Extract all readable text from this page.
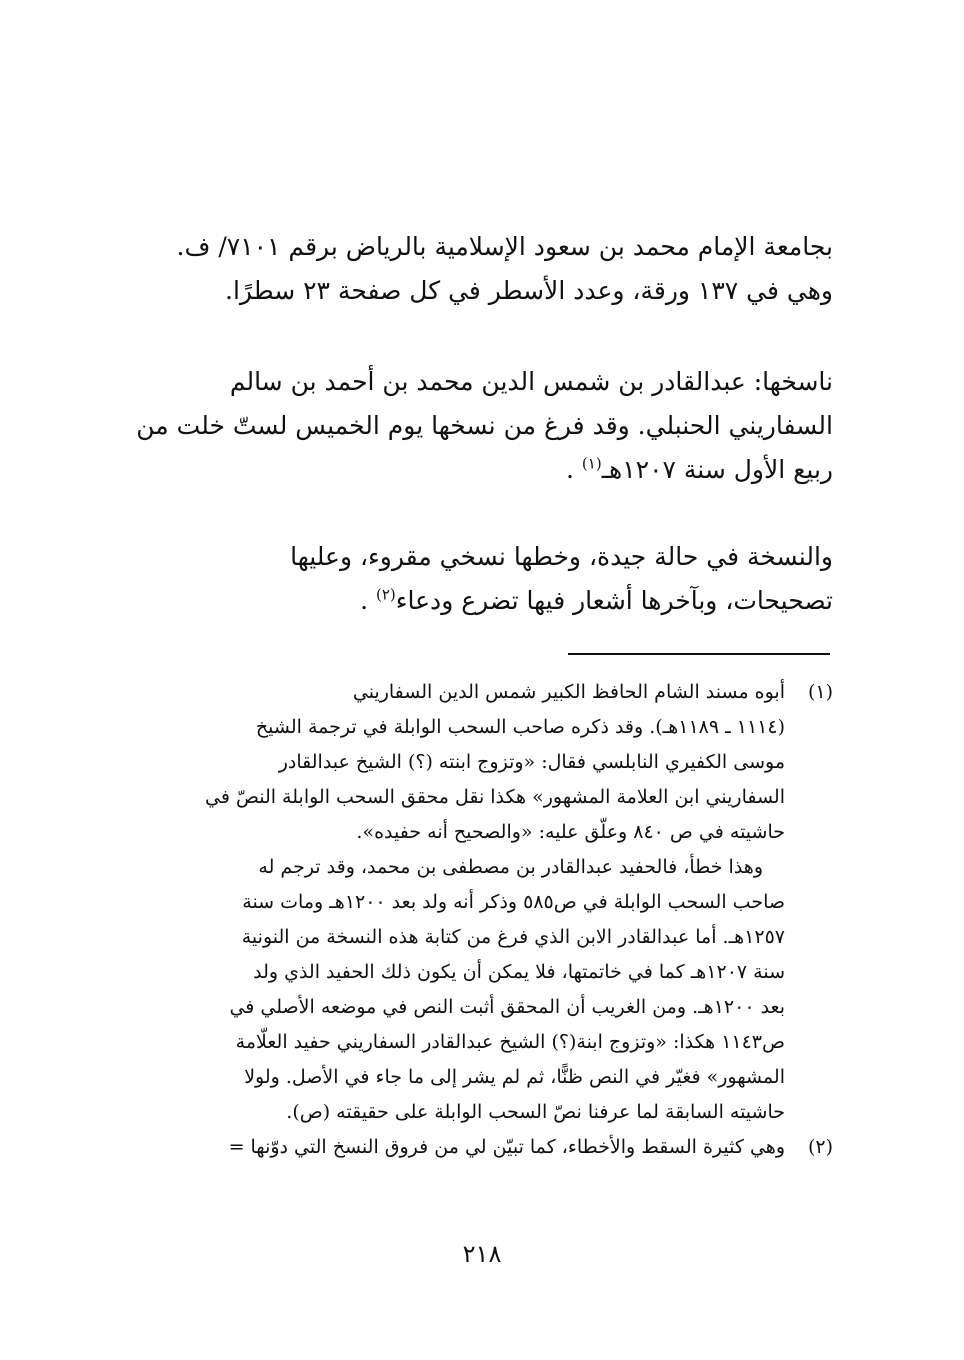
بجامعة الإمام محمد بن سعود الإسلامية بالرياض برقم ٧١٠١/ ف.
وهي في ١٣٧ ورقة، وعدد الأسطر في كل صفحة ٢٣ سطرًا.
ناسخها: عبدالقادر بن شمس الدين محمد بن أحمد بن سالم
السفاريني الحنبلي. وقد فرغ من نسخها يوم الخميس لستّ خلت من
ربيع الأول سنة ١٢٠٧هـ$^{(١)}$ .
والنسخة في حالة جيدة، وخطها نسخي مقروء، وعليها
تصحيحات، وبآخرها أشعار فيها تضرع ودعاء$^{(٢)}$ .
(١)
أبوه مسند الشام الحافظ الكبير شمس الدين السفاريني
(١١١٤ ـ ١١٨٩هـ). وقد ذكره صاحب السحب الوابلة في ترجمة الشيخ
موسى الكفيري النابلسي فقال: «وتزوج ابنته (؟) الشيخ عبدالقادر
السفاريني ابن العلامة المشهور» هكذا نقل محقق السحب الوابلة النصّ في
حاشيته في ص ٨٤٠ وعلّق عليه: «والصحيح أنه حفيده».
وهذا خطأ، فالحفيد عبدالقادر بن مصطفى بن محمد، وقد ترجم له
صاحب السحب الوابلة في ص٥٨٥ وذكر أنه ولد بعد ١٢٠٠هـ ومات سنة
١٢٥٧هـ. أما عبدالقادر الابن الذي فرغ من كتابة هذه النسخة من النونية
سنة ١٢٠٧هـ كما في خاتمتها، فلا يمكن أن يكون ذلك الحفيد الذي ولد
بعد ١٢٠٠هـ. ومن الغريب أن المحقق أثبت النص في موضعه الأصلي في
ص١١٤٣ هكذا: «وتزوج ابنة(؟) الشيخ عبدالقادر السفاريني حفيد العلّامة
المشهور» فغيّر في النص ظنًّا، ثم لم يشر إلى ما جاء في الأصل. ولولا
حاشيته السابقة لما عرفنا نصّ السحب الوابلة على حقيقته (ص).
(٢)
وهي كثيرة السقط والأخطاء، كما تبيّن لي من فروق النسخ التي دوّنها =
٢١٨
